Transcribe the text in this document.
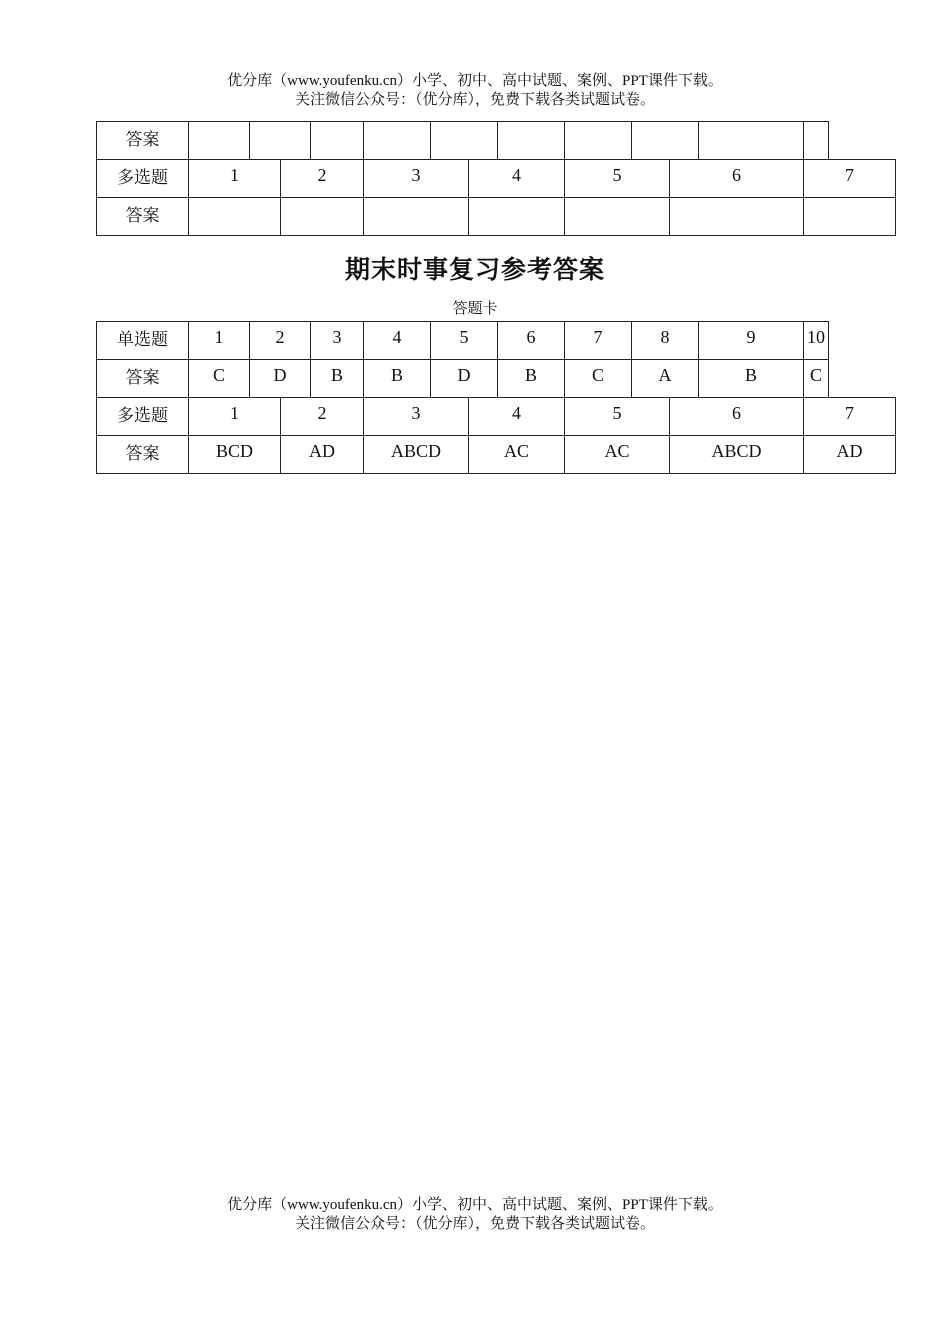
优分库（www.youfenku.cn）小学、初中、高中试题、案例、PPT课件下载。
关注微信公众号：（优分库），免费下载各类试题试卷。
答案													
多选题	1		2		3		4		5		6		7
答案													
期末时事复习参考答案
答题卡
单选题	1	2		3	4	5		6	7	8		9	10
答案	C	D		B	B	D		B	C	A		B	C
多选题	1		2		3		4		5		6		7
答案	BCD		AD		ABCD		AC		AC		ABCD		AD
优分库（www.youfenku.cn）小学、初中、高中试题、案例、PPT课件下载。
关注微信公众号：（优分库），免费下载各类试题试卷。
